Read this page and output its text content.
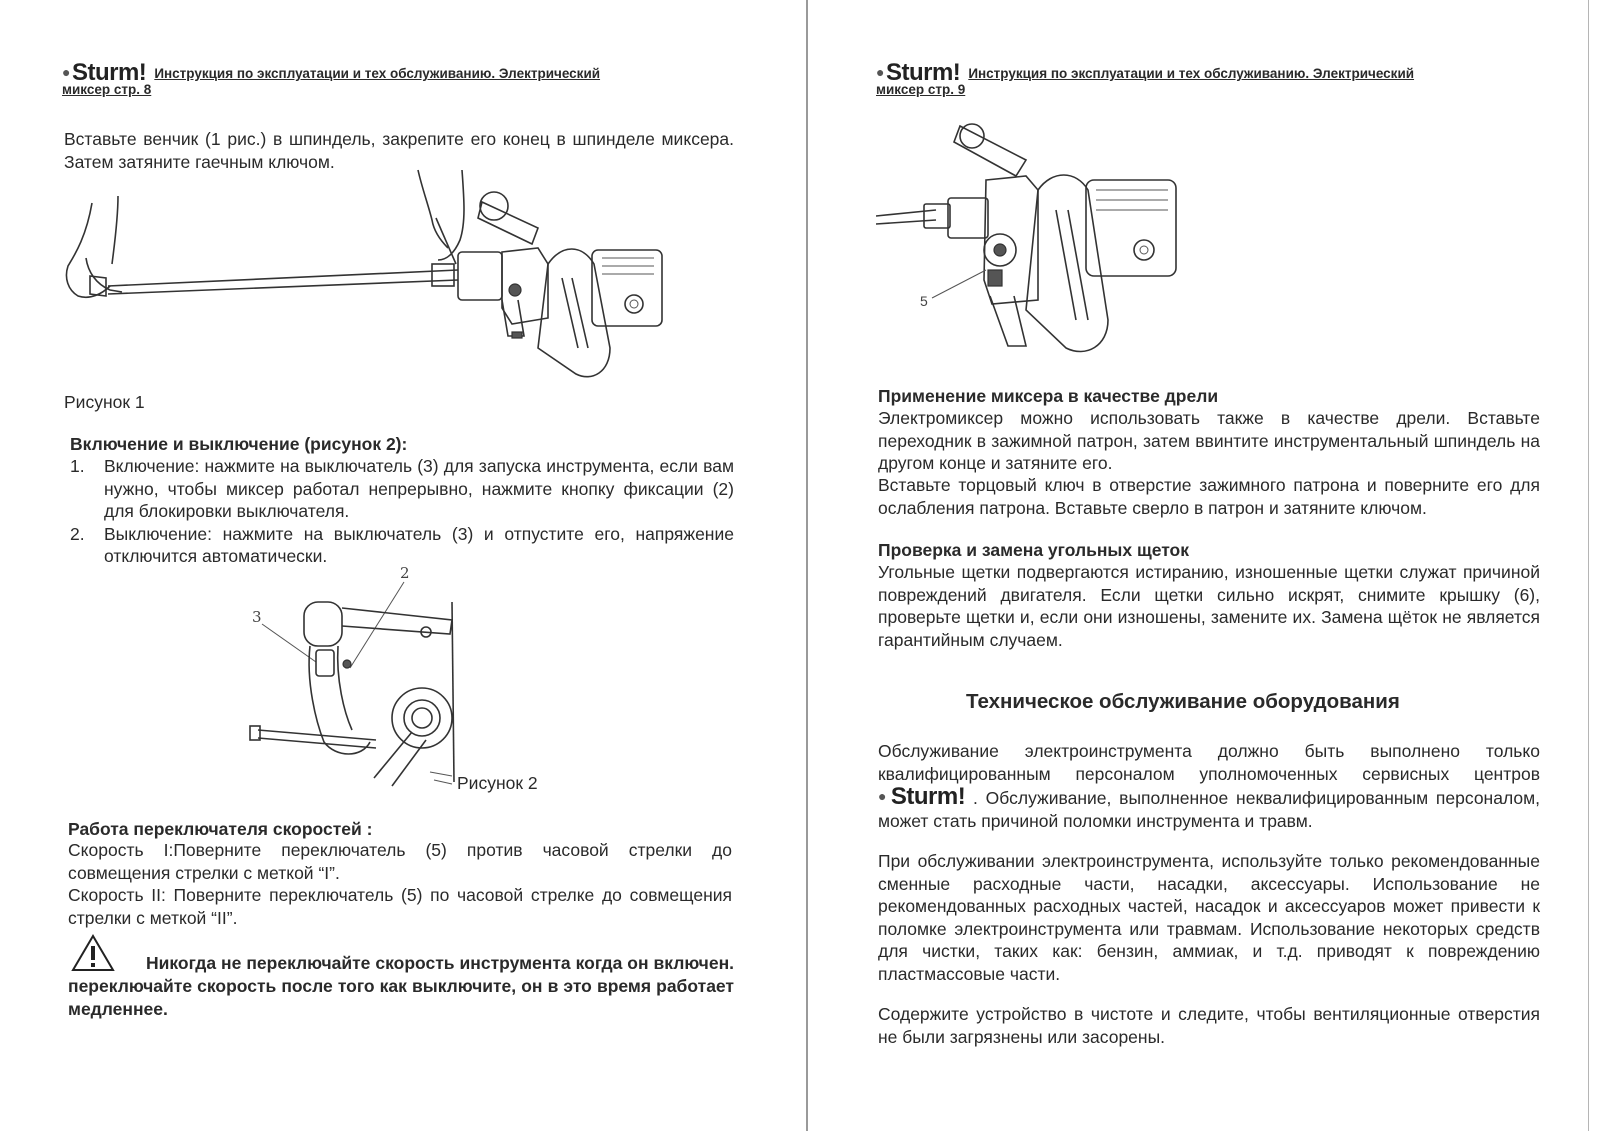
●Sturm! Инструкция по эксплуатации и тех обслуживанию. Электрический
миксер стр. 8
Вставьте венчик (1 рис.) в шпиндель, закрепите его конец в шпинделе миксера. Затем затяните гаечным ключом.
Рисунок 1
Включение и выключение (рисунок 2):
1. Включение: нажмите на выключатель (3) для запуска инструмента, если вам нужно, чтобы миксер работал непрерывно, нажмите кнопку фиксации (2) для блокировки выключателя.
2. Выключение: нажмите на выключатель (3) и отпустите его, напряжение отключится автоматически.
2
3
Рисунок 2
Работа переключателя скоростей :
Скорость I:Поверните переключатель (5) против часовой стрелки до совмещения стрелки с меткой “I”.
Скорость II: Поверните переключатель (5) по часовой стрелке до совмещения стрелки с меткой “II”.
Никогда не переключайте скорость инструмента когда он включен. переключайте скорость после того как выключите, он в это время работает медленнее.
●Sturm! Инструкция по эксплуатации и тех обслуживанию. Электрический
миксер стр. 9
5
Применение миксера в качестве дрели
Электромиксер можно использовать также в качестве дрели. Вставьте переходник в зажимной патрон, затем ввинтите инструментальный шпиндель на другом конце и затяните его.
Вставьте торцовый ключ в отверстие зажимного патрона и поверните его для ослабления патрона. Вставьте сверло в патрон и затяните ключом.
Проверка и замена угольных щеток
Угольные щетки подвергаются истиранию, изношенные щетки служат причиной повреждений двигателя. Если щетки сильно искрят, снимите крышку (6), проверьте щетки и, если они изношены, замените их. Замена щёток не является гарантийным случаем.
Техническое обслуживание оборудования
Обслуживание электроинструмента должно быть выполнено только квалифицированным персоналом уполномоченных сервисных центров ●Sturm! . Обслуживание, выполненное неквалифицированным персоналом, может стать причиной поломки инструмента и травм.
При обслуживании электроинструмента, используйте только рекомендованные сменные расходные части, насадки, аксессуары. Использование не рекомендованных расходных частей, насадок и аксессуаров может привести к поломке электроинструмента или травмам. Использование некоторых средств для чистки, таких как: бензин, аммиак, и т.д. приводят к повреждению пластмассовые части.
Содержите устройство в чистоте и следите, чтобы вентиляционные отверстия не были загрязнены или засорены.
